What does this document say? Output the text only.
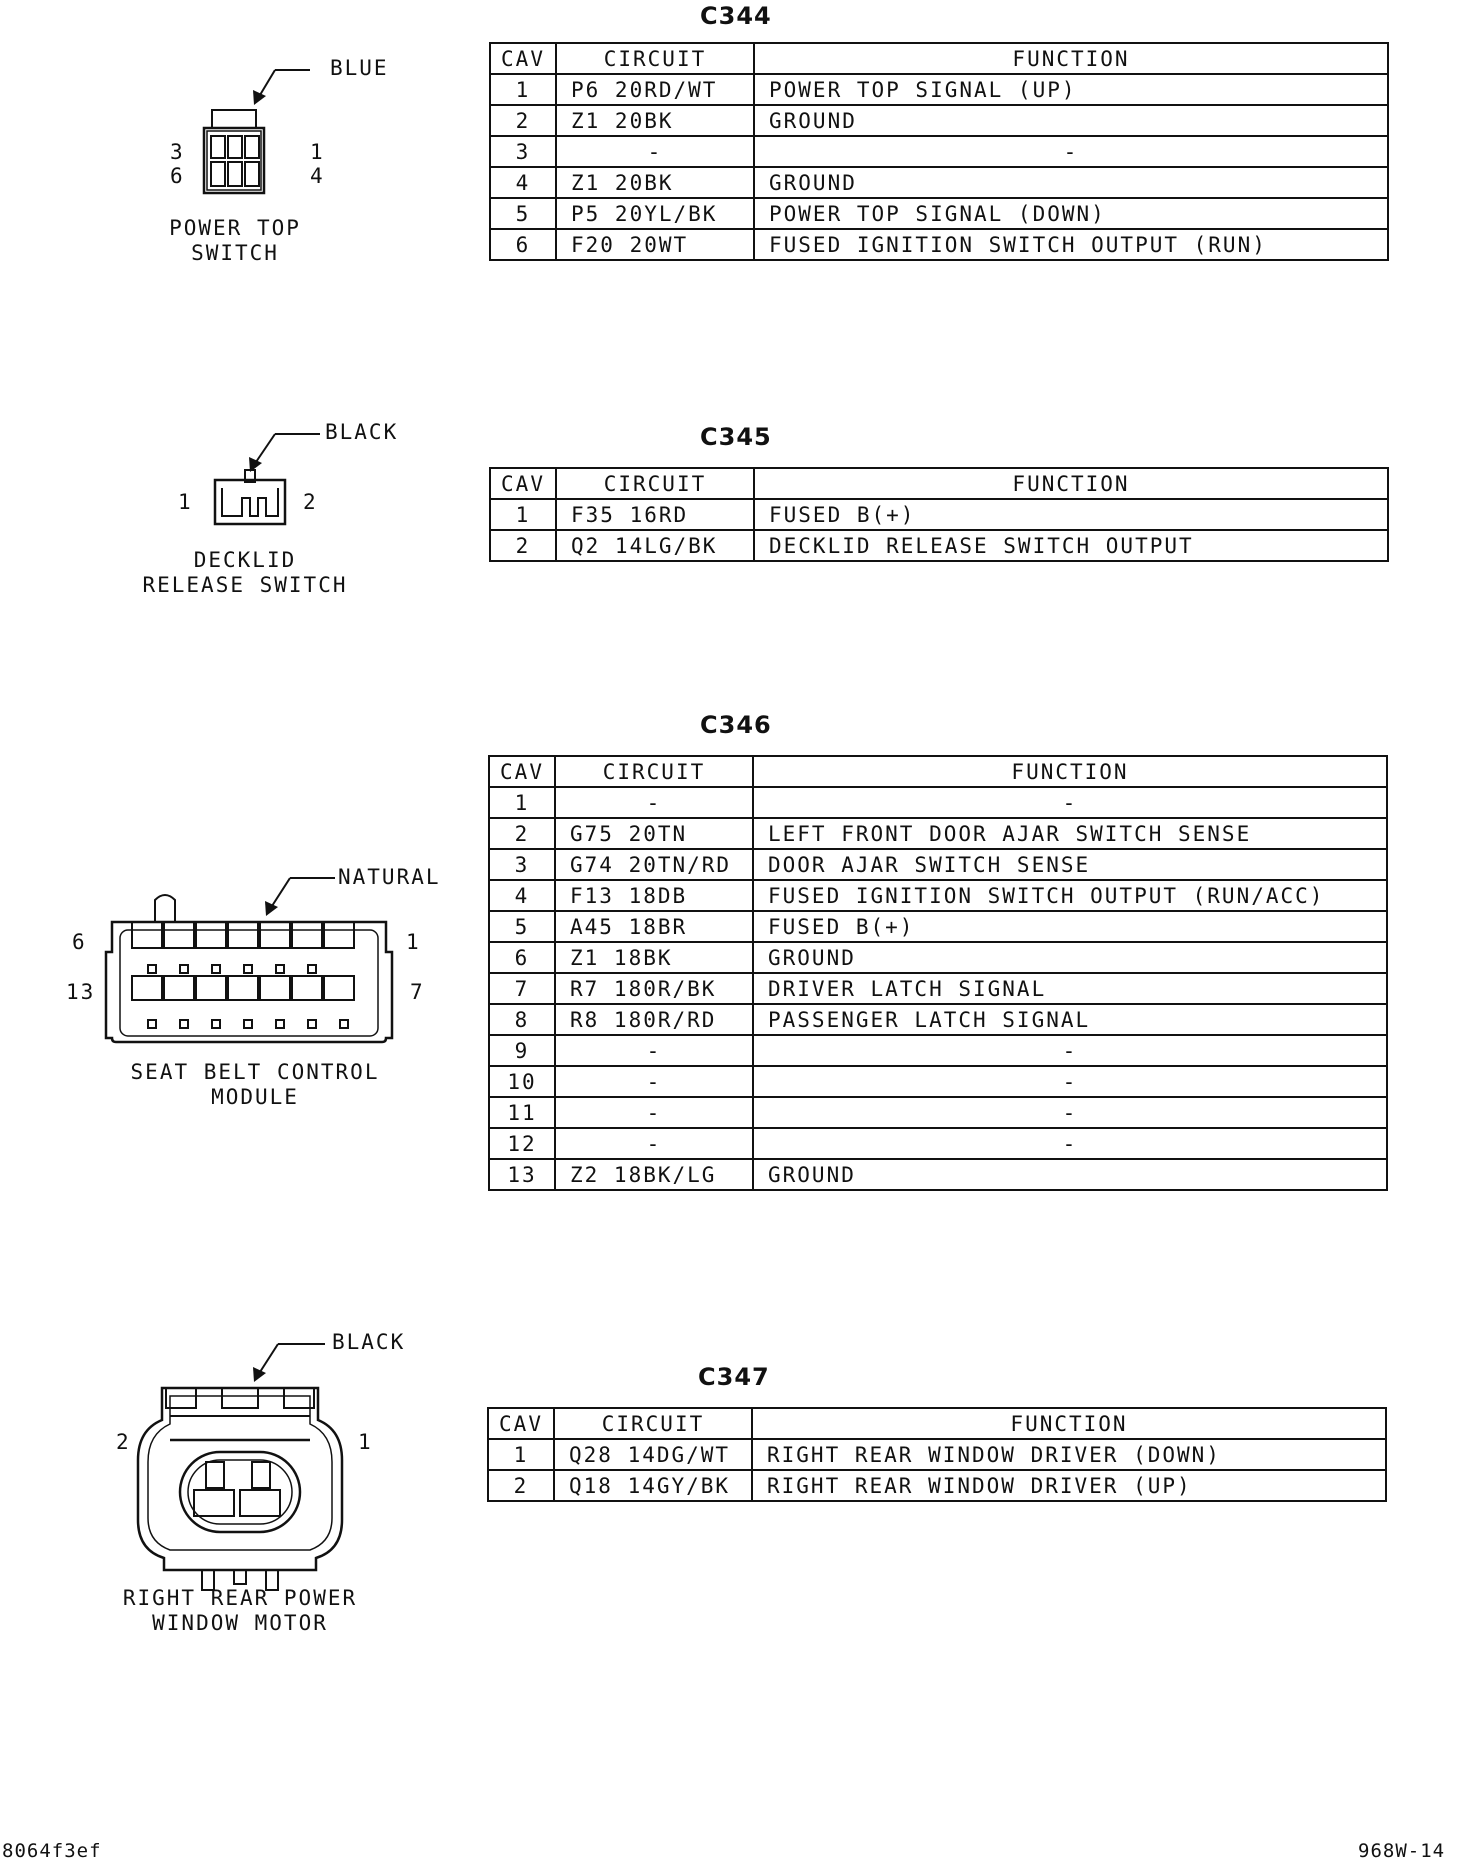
C344
CAV	CIRCUIT	FUNCTION
1	P6 20RD/WT	POWER TOP SIGNAL (UP)
2	Z1 20BK	GROUND
3	-	-
4	Z1 20BK	GROUND
5	P5 20YL/BK	POWER TOP SIGNAL (DOWN)
6	F20 20WT	FUSED IGNITION SWITCH OUTPUT (RUN)
BLUE
3
6
1
4
POWER TOP
SWITCH
C345
CAV	CIRCUIT	FUNCTION
1	F35 16RD	FUSED B(+)
2	Q2 14LG/BK	DECKLID RELEASE SWITCH OUTPUT
BLACK
1	2
DECKLID
RELEASE SWITCH
C346
CAV	CIRCUIT	FUNCTION
1	-	-
2	G75 20TN	LEFT FRONT DOOR AJAR SWITCH SENSE
3	G74 20TN/RD	DOOR AJAR SWITCH SENSE
4	F13 18DB	FUSED IGNITION SWITCH OUTPUT (RUN/ACC)
5	A45 18BR	FUSED B(+)
6	Z1 18BK	GROUND
7	R7 180R/BK	DRIVER LATCH SIGNAL
8	R8 180R/RD	PASSENGER LATCH SIGNAL
9	-	-
10	-	-
11	-	-
12	-	-
13	Z2 18BK/LG	GROUND
NATURAL
6
13
1
7
SEAT BELT CONTROL
MODULE
C347
CAV	CIRCUIT	FUNCTION
1	Q28 14DG/WT	RIGHT REAR WINDOW DRIVER (DOWN)
2	Q18 14GY/BK	RIGHT REAR WINDOW DRIVER (UP)
BLACK
2	1
RIGHT REAR POWER
WINDOW MOTOR
8064f3ef	968W-14
